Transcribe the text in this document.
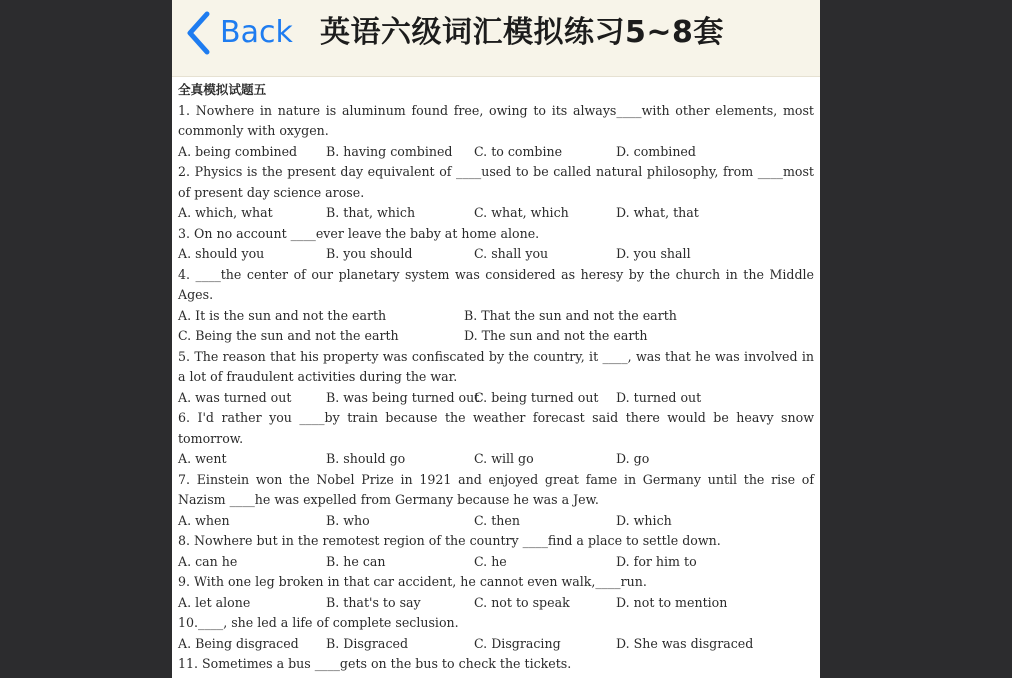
Back 英语六级词汇模拟练习5~8套
全真模拟试题五
1. Nowhere in nature is aluminum found free, owing to its always____with other elements, most commonly with oxygen.
A. being combined	B. having combined	C. to combine	D. combined
2. Physics is the present day equivalent of ____used to be called natural philosophy, from ____most of present day science arose.
A. which, what	B. that, which	C. what, which	D. what, that
3. On no account ____ever leave the baby at home alone.
A. should you	B. you should	C. shall you	D. you shall
4. ____the center of our planetary system was considered as heresy by the church in the Middle Ages.
A. It is the sun and not the earth	B. That the sun and not the earth
C. Being the sun and not the earth	D. The sun and not the earth
5. The reason that his property was confiscated by the country, it ____, was that he was involved in a lot of fraudulent activities during the war.
A. was turned out	B. was being turned out
C. being turned out	D. turned out
6. I'd rather you ____by train because the weather forecast said there would be heavy snow tomorrow.
A. went	B. should go	C. will go	D. go
7. Einstein won the Nobel Prize in 1921 and enjoyed great fame in Germany until the rise of Nazism ____he was expelled from Germany because he was a Jew.
A. when	B. who	C. then	D. which
8. Nowhere but in the remotest region of the country ____find a place to settle down.
A. can he	B. he can	C. he	D. for him to
9. With one leg broken in that car accident, he cannot even walk,____run.
A. let alone	B. that's to say	C. not to speak	D. not to mention
10.____, she led a life of complete seclusion.
A. Being disgraced	B. Disgraced	C. Disgracing	D. She was disgraced
11. Sometimes a bus ____gets on the bus to check the tickets.
